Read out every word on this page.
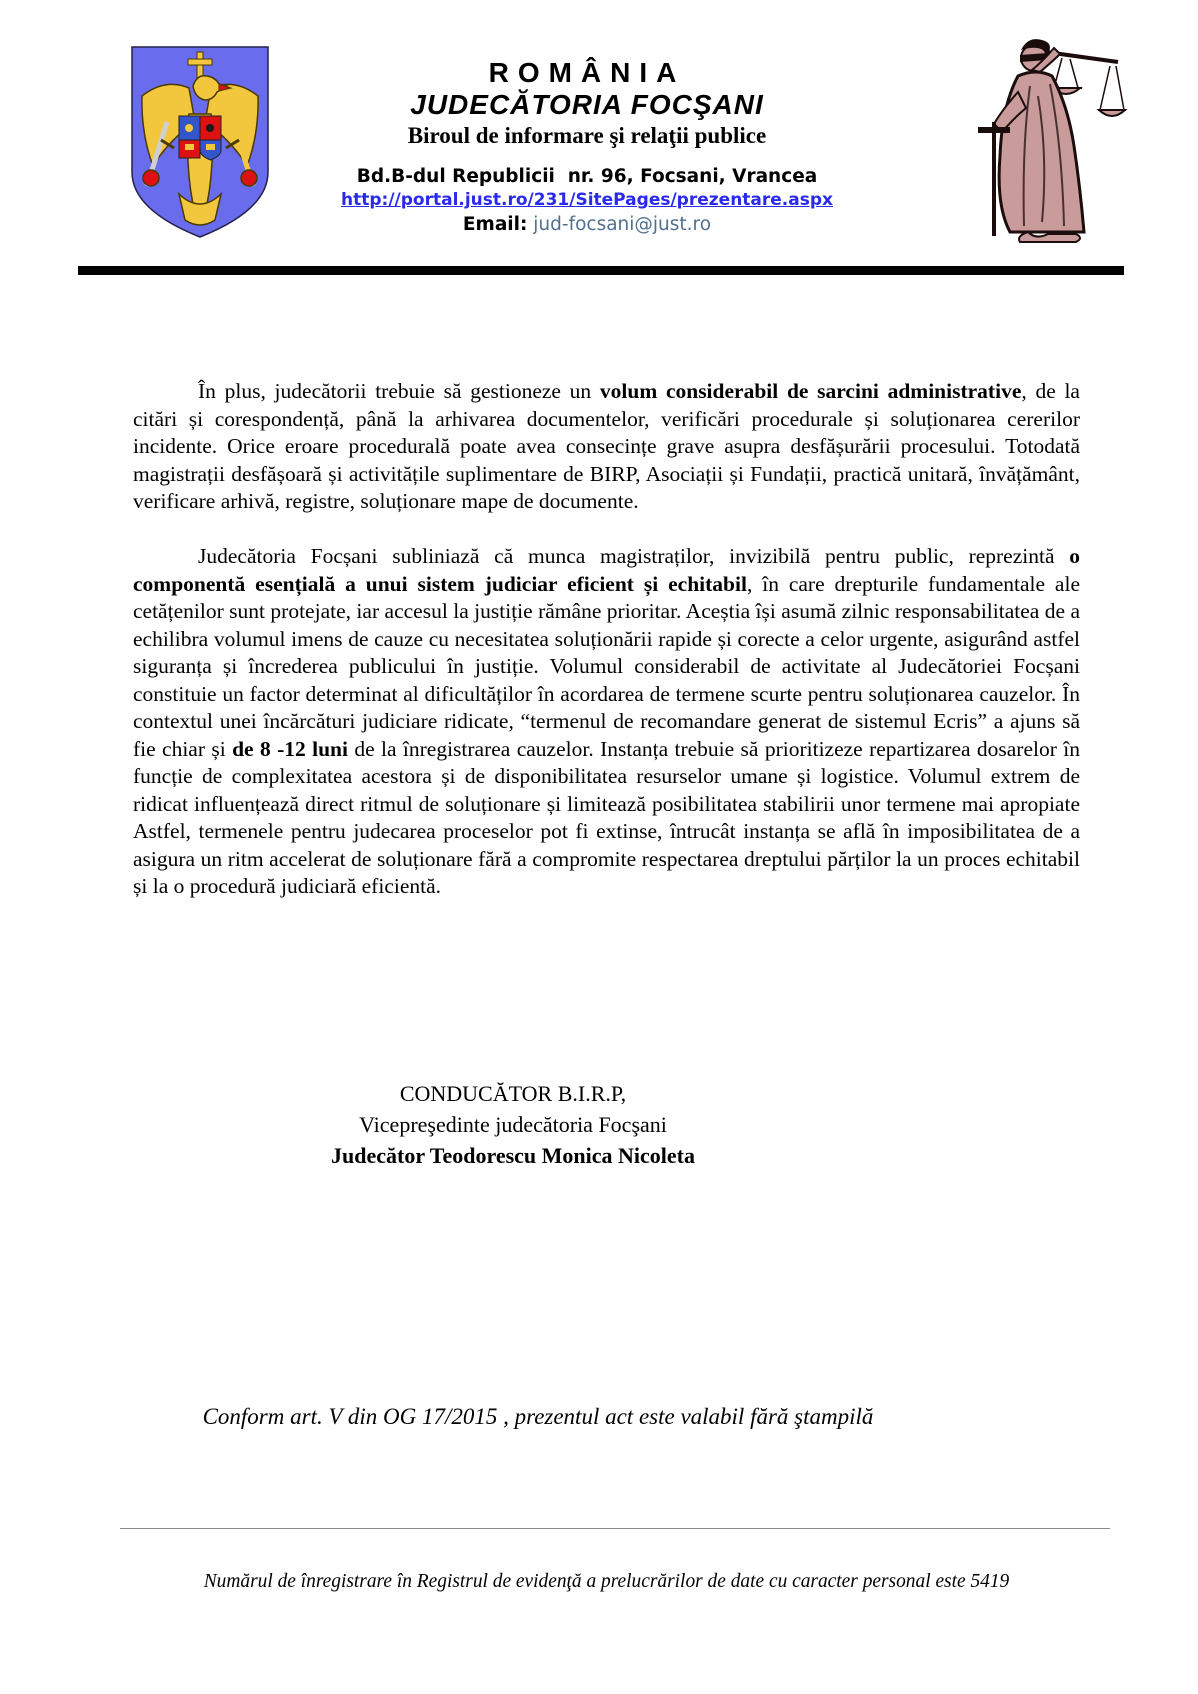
ROMÂNIA
JUDECĂTORIA FOCŞANI
Biroul de informare şi relaţii publice
Bd.B-dul Republicii  nr. 96, Focsani, Vrancea
http://portal.just.ro/231/SitePages/prezentare.aspx
Email: jud-focsani@just.ro

În plus, judecătorii trebuie să gestioneze un volum considerabil de sarcini administrative, de la citări și corespondență, până la arhivarea documentelor, verificări procedurale și soluționarea cererilor incidente. Orice eroare procedurală poate avea consecințe grave asupra desfășurării procesului. Totodată magistrații desfășoară și activitățile suplimentare de BIRP, Asociații și Fundații, practică unitară, învățământ, verificare arhivă, registre, soluționare mape de documente.

Judecătoria Focșani subliniază că munca magistraților, invizibilă pentru public, reprezintă o componentă esențială a unui sistem judiciar eficient și echitabil, în care drepturile fundamentale ale cetățenilor sunt protejate, iar accesul la justiție rămâne prioritar. Aceștia își asumă zilnic responsabilitatea de a echilibra volumul imens de cauze cu necesitatea soluționării rapide și corecte a celor urgente, asigurând astfel siguranța și încrederea publicului în justiție. Volumul considerabil de activitate al Judecătoriei Focșani constituie un factor determinat al dificultăților în acordarea de termene scurte pentru soluționarea cauzelor. În contextul unei încărcături judiciare ridicate, “termenul de recomandare generat de sistemul Ecris” a ajuns să fie chiar și de 8 -12 luni de la înregistrarea cauzelor. Instanța trebuie să prioritizeze repartizarea dosarelor în funcție de complexitatea acestora și de disponibilitatea resurselor umane și logistice. Volumul extrem de ridicat influențează direct ritmul de soluționare și limitează posibilitatea stabilirii unor termene mai apropiate Astfel, termenele pentru judecarea proceselor pot fi extinse, întrucât instanța se află în imposibilitatea de a asigura un ritm accelerat de soluționare fără a compromite respectarea dreptului părților la un proces echitabil și la o procedură judiciară eficientă.

CONDUCĂTOR B.I.R.P,
Vicepreşedinte judecătoria Focşani
Judecător Teodorescu Monica Nicoleta
Conform art. V din OG 17/2015 , prezentul act este valabil fără ştampilă
Numărul de înregistrare în Registrul de evidenţă a prelucrărilor de date cu caracter personal este 5419
